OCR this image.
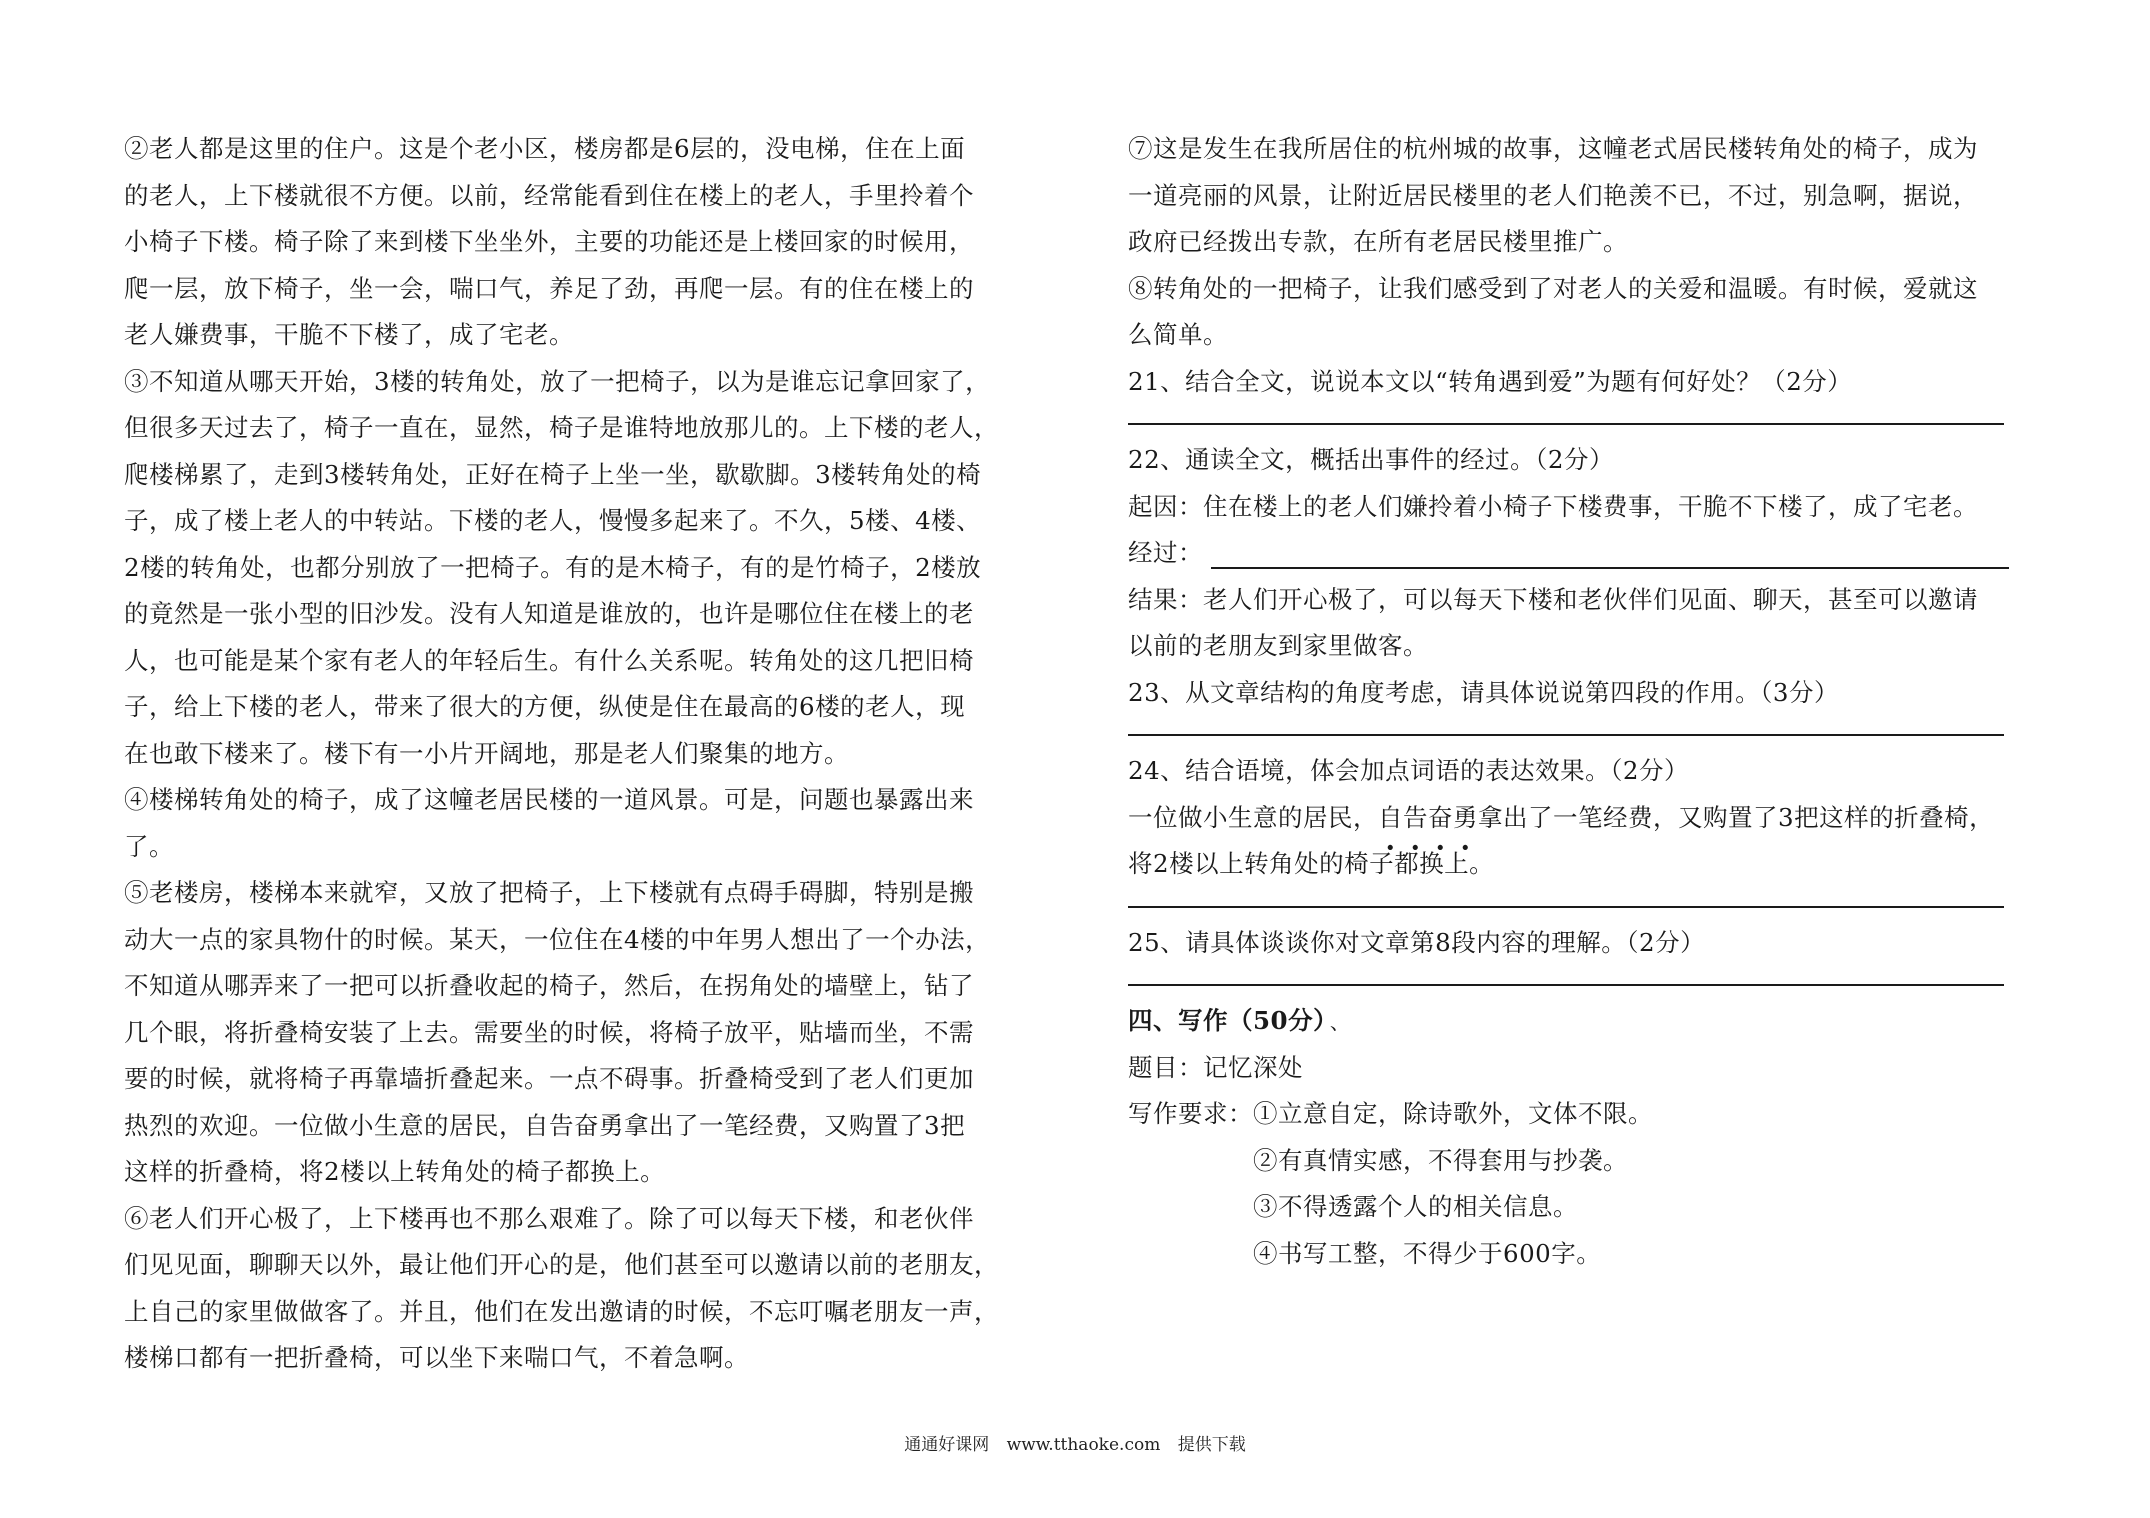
②老人都是这里的住户。这是个老小区，楼房都是6层的，没电梯，住在上面
的老人，上下楼就很不方便。以前，经常能看到住在楼上的老人，手里拎着个
小椅子下楼。椅子除了来到楼下坐坐外，主要的功能还是上楼回家的时候用，
爬一层，放下椅子，坐一会，喘口气，养足了劲，再爬一层。有的住在楼上的
老人嫌费事，干脆不下楼了，成了宅老。
③不知道从哪天开始，3楼的转角处，放了一把椅子，以为是谁忘记拿回家了，
但很多天过去了，椅子一直在，显然，椅子是谁特地放那儿的。上下楼的老人，
爬楼梯累了，走到3楼转角处，正好在椅子上坐一坐，歇歇脚。3楼转角处的椅
子，成了楼上老人的中转站。下楼的老人，慢慢多起来了。不久，5楼、4楼、
2楼的转角处，也都分别放了一把椅子。有的是木椅子，有的是竹椅子，2楼放
的竟然是一张小型的旧沙发。没有人知道是谁放的，也许是哪位住在楼上的老
人，也可能是某个家有老人的年轻后生。有什么关系呢。转角处的这几把旧椅
子，给上下楼的老人，带来了很大的方便，纵使是住在最高的6楼的老人，现
在也敢下楼来了。楼下有一小片开阔地，那是老人们聚集的地方。
④楼梯转角处的椅子，成了这幢老居民楼的一道风景。可是，问题也暴露出来
了。
⑤老楼房，楼梯本来就窄，又放了把椅子，上下楼就有点碍手碍脚，特别是搬
动大一点的家具物什的时候。某天，一位住在4楼的中年男人想出了一个办法，
不知道从哪弄来了一把可以折叠收起的椅子，然后，在拐角处的墙壁上，钻了
几个眼，将折叠椅安装了上去。需要坐的时候，将椅子放平，贴墙而坐，不需
要的时候，就将椅子再靠墙折叠起来。一点不碍事。折叠椅受到了老人们更加
热烈的欢迎。一位做小生意的居民，自告奋勇拿出了一笔经费，又购置了3把
这样的折叠椅，将2楼以上转角处的椅子都换上。
⑥老人们开心极了，上下楼再也不那么艰难了。除了可以每天下楼，和老伙伴
们见见面，聊聊天以外，最让他们开心的是，他们甚至可以邀请以前的老朋友，
上自己的家里做做客了。并且，他们在发出邀请的时候，不忘叮嘱老朋友一声，
楼梯口都有一把折叠椅，可以坐下来喘口气，不着急啊。
⑦这是发生在我所居住的杭州城的故事，这幢老式居民楼转角处的椅子，成为
一道亮丽的风景，让附近居民楼里的老人们艳羡不已，不过，别急啊，据说，
政府已经拨出专款，在所有老居民楼里推广。
⑧转角处的一把椅子，让我们感受到了对老人的关爱和温暖。有时候，爱就这
么简单。
21、结合全文，说说本文以“转角遇到爱”为题有何好处？（2分）
22、通读全文，概括出事件的经过。（2分）
起因：住在楼上的老人们嫌拎着小椅子下楼费事，干脆不下楼了，成了宅老。
经过：
结果：老人们开心极了，可以每天下楼和老伙伴们见面、聊天，甚至可以邀请
以前的老朋友到家里做客。
23、从文章结构的角度考虑，请具体说说第四段的作用。（3分）
24、结合语境，体会加点词语的表达效果。（2分）
一位做小生意的居民，自告奋勇拿出了一笔经费，又购置了3把这样的折叠椅，
将2楼以上转角处的椅子都换上。
25、请具体谈谈你对文章第8段内容的理解。（2分）
四、写作（50分） 、
题目：记忆深处
写作要求：①立意自定，除诗歌外，文体不限。
②有真情实感，不得套用与抄袭。
③不得透露个人的相关信息。
④书写工整，不得少于600字。
通通好课网 www.tthaoke.com 提供下载
